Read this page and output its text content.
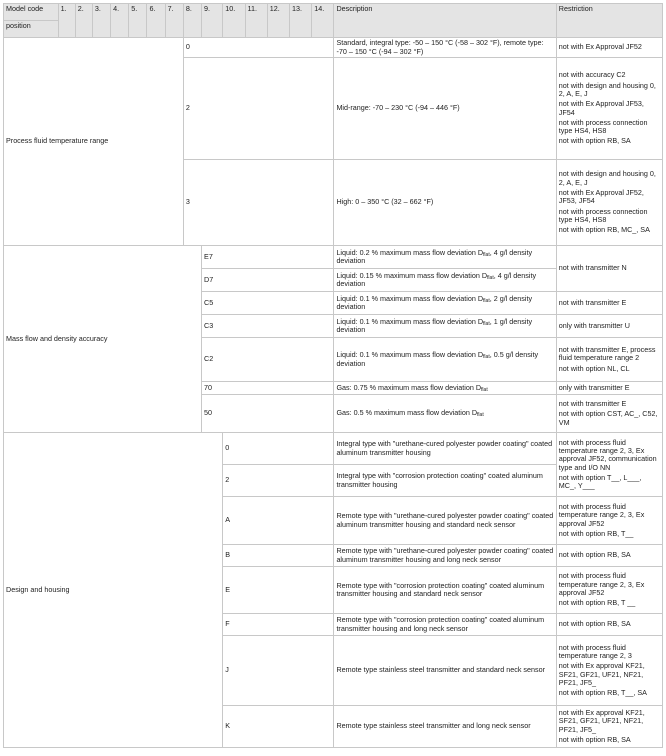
Model code	1.	2.	3.	4.	5.	6.	7.	8.	9.	10.	11.	12.	13.	14.	Description	Restriction
position																
Process fluid temperature range								0							Standard, integral type: -50 – 150 °C (-58 – 302 °F), remote type: -70 – 150 °C (-94 – 302 °F)	not with Ex Approval JF52

								2							Mid-range: -70 – 230 °C (-94 – 446 °F)	not with accuracy C2
not with design and housing 0, 2, A, E, J
not with Ex Approval JF53, JF54
not with process connection type HS4, HS8
not with option RB, SA

								3							High: 0 – 350 °C (32 – 662 °F)	not with design and housing 0, 2, A, E, J
not with Ex Approval JF52, JF53, JF54
not with process connection type HS4, HS8
not with option RB, MC_, SA

Mass flow and density accuracy									E7						Liquid: 0.2 % maximum mass flow deviation $D_{flat}$, 4 g/l density deviation	not with transmitter N
									D7						Liquid: 0.15 % maximum mass flow deviation $D_{flat}$, 4 g/l density deviation	
									C5						Liquid: 0.1 % maximum mass flow deviation $D_{flat}$, 2 g/l density deviation	not with transmitter E
									C3						Liquid: 0.1 % maximum mass flow deviation $D_{flat}$, 1 g/l density deviation	only with transmitter U
									C2						Liquid: 0.1 % maximum mass flow deviation $D_{flat}$, 0.5 g/l density deviation	not with transmitter E, process fluid temperature range 2
not with option NL, CL

									70						Gas: 0.75 % maximum mass flow deviation $D_{flat}$	only with transmitter E
									50						Gas: 0.5 % maximum mass flow deviation $D_{flat}$	not with transmitter E
not with option CST, AC_, C52, VM

Design and housing										0					Integral type with "urethane-cured polyester powder coating" coated aluminum transmitter housing	not with process fluid temperature range 2, 3, Ex approval JF52, communication type and I/O NN
not with option T__, L___, MC_, Y___

										2					Integral type with "corrosion protection coating" coated aluminum transmitter housing	
										A					Remote type with "urethane-cured polyester powder coating" coated aluminum transmitter housing and standard neck sensor	not with process fluid temperature range 2, 3, Ex approval JF52
not with option RB, T__

										B					Remote type with "urethane-cured polyester powder coating" coated aluminum transmitter housing and long neck sensor	not with option RB, SA
										E					Remote type with "corrosion protection coating" coated aluminum transmitter housing and standard neck sensor	not with process fluid temperature range 2, 3, Ex approval JF52
not with option RB, T __

										F					Remote type with "corrosion protection coating" coated aluminum transmitter housing and long neck sensor	not with option RB, SA
										J					Remote type stainless steel transmitter and standard neck sensor	not with process fluid temperature range 2, 3
not with Ex approval KF21, SF21, GF21, UF21, NF21, PF21, JF5_
not with option RB, T__, SA

										K					Remote type stainless steel transmitter and long neck sensor	not with Ex approval KF21, SF21, GF21, UF21, NF21, PF21, JF5_
not with option RB, SA
